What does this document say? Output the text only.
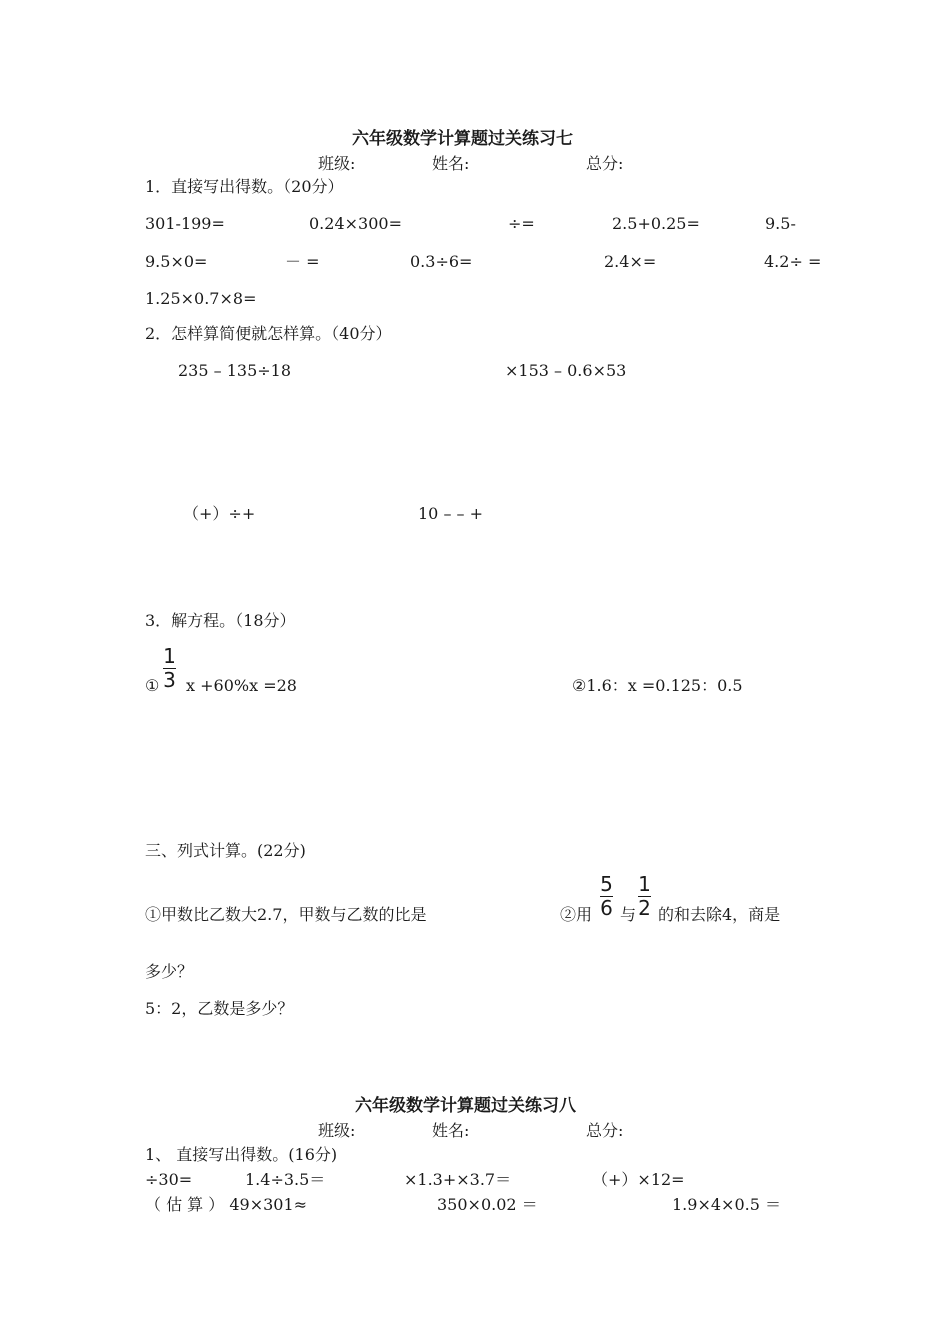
六年级数学计算题过关练习七
班级:	姓名:	总分:
1．直接写出得数。（20分）
301-199=	0.24×300=	÷=	2.5+0.25=	9.5-
9.5×0=	－ =	0.3÷6=	2.4×=	4.2÷ =
1.25×0.7×8=
2．怎样算简便就怎样算。（40分）
235 – 135÷18	×153 – 0.6×53
（+）÷+	10 – – +
3．解方程。（18分）
1
3
① x +60%x =28	②1.6：x =0.125：0.5
三、列式计算。(22分)
①甲数比乙数大2.7，甲数与乙数的比是	②用
5
6 与
1
2 的和去除4，商是
多少？
5：2，乙数是多少？
六年级数学计算题过关练习八
班级:	姓名:	总分:
1、 直接写出得数。(16分)
÷30=	1.4÷3.5＝	×1.3+×3.7＝	（+）×12=
（ 估 算 ） 49×301≈	350×0.02 ＝	1.9×4×0.5 ＝
